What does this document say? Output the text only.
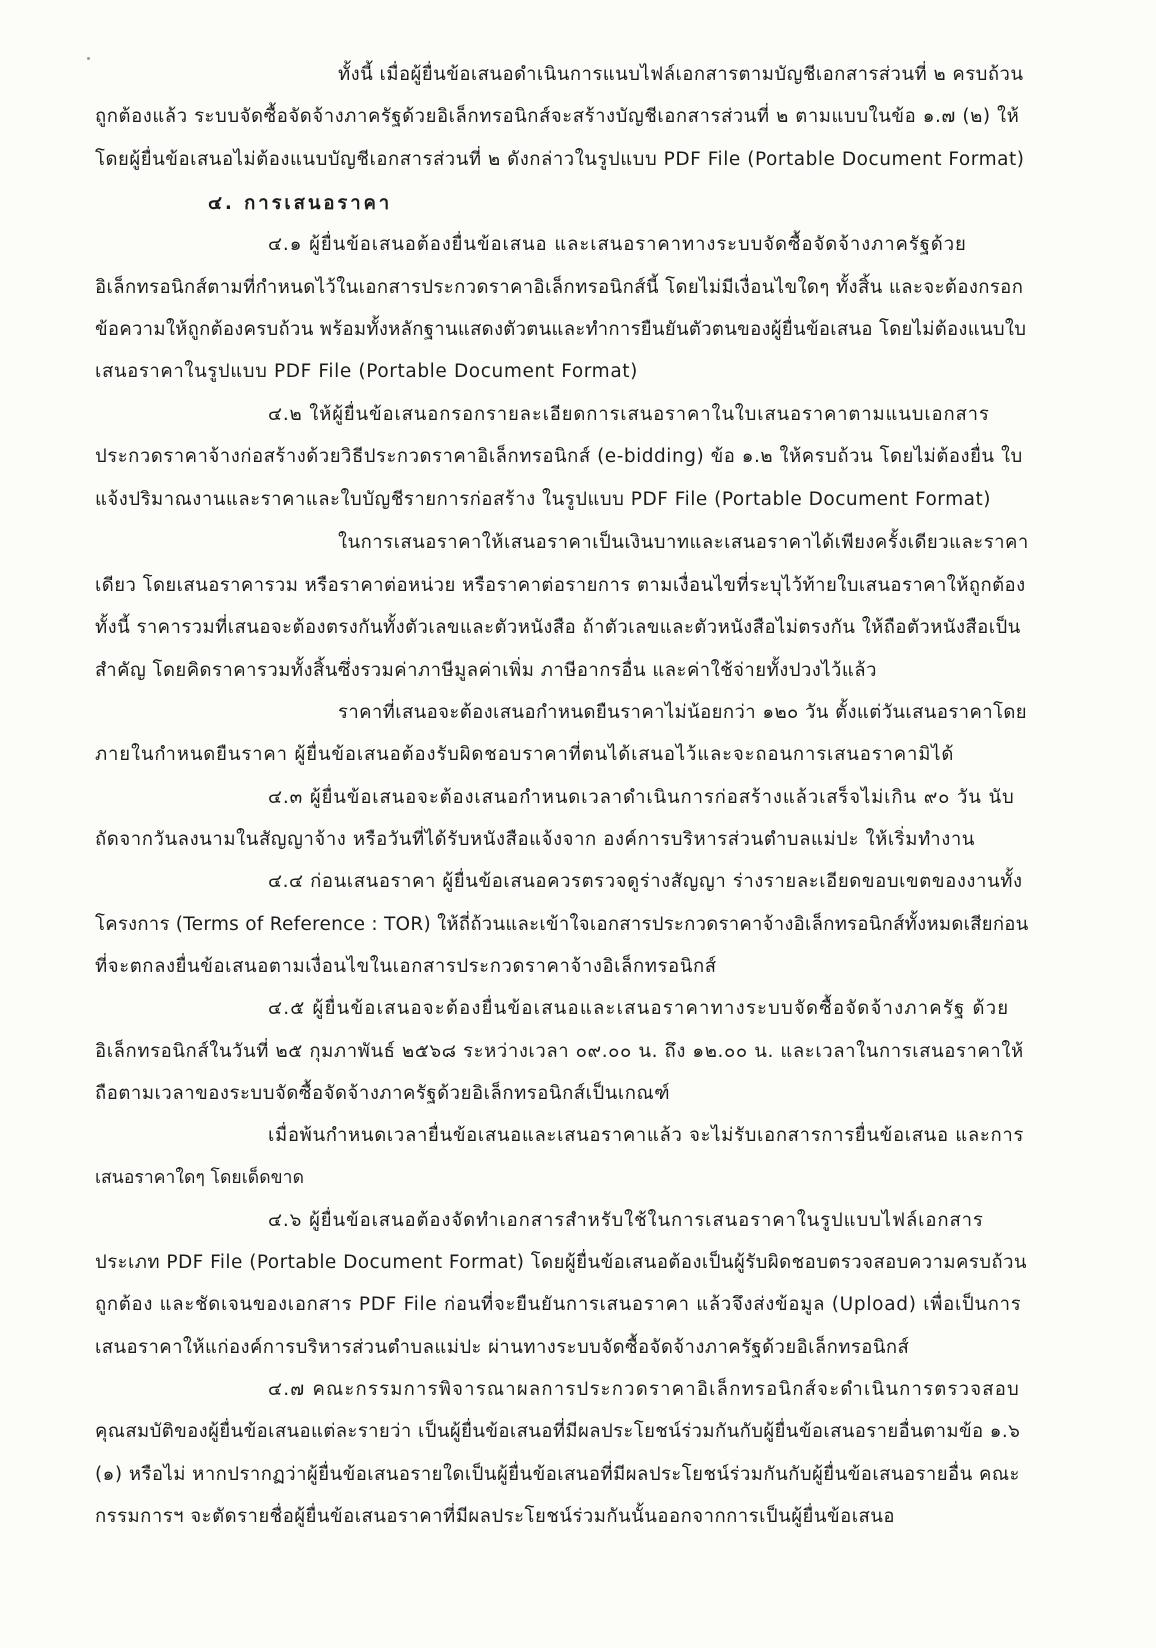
ทั้งนี้ เมื่อผู้ยื่นข้อเสนอดำเนินการแนบไฟล์เอกสารตามบัญชีเอกสารส่วนที่ ๒ ครบถ้วน
ถูกต้องแล้ว ระบบจัดซื้อจัดจ้างภาครัฐด้วยอิเล็กทรอนิกส์จะสร้างบัญชีเอกสารส่วนที่ ๒ ตามแบบในข้อ ๑.๗ (๒) ให้
โดยผู้ยื่นข้อเสนอไม่ต้องแนบบัญชีเอกสารส่วนที่ ๒ ดังกล่าวในรูปแบบ PDF File (Portable Document Format)
๔. การเสนอราคา
๔.๑ ผู้ยื่นข้อเสนอต้องยื่นข้อเสนอ และเสนอราคาทางระบบจัดซื้อจัดจ้างภาครัฐด้วย
อิเล็กทรอนิกส์ตามที่กำหนดไว้ในเอกสารประกวดราคาอิเล็กทรอนิกส์นี้ โดยไม่มีเงื่อนไขใดๆ ทั้งสิ้น และจะต้องกรอก
ข้อความให้ถูกต้องครบถ้วน พร้อมทั้งหลักฐานแสดงตัวตนและทำการยืนยันตัวตนของผู้ยื่นข้อเสนอ โดยไม่ต้องแนบใบ
เสนอราคาในรูปแบบ PDF File (Portable Document Format)
๔.๒ ให้ผู้ยื่นข้อเสนอกรอกรายละเอียดการเสนอราคาในใบเสนอราคาตามแนบเอกสาร
ประกวดราคาจ้างก่อสร้างด้วยวิธีประกวดราคาอิเล็กทรอนิกส์ (e-bidding) ข้อ ๑.๒ ให้ครบถ้วน โดยไม่ต้องยื่น ใบ
แจ้งปริมาณงานและราคาและใบบัญชีรายการก่อสร้าง ในรูปแบบ PDF File (Portable Document Format)
ในการเสนอราคาให้เสนอราคาเป็นเงินบาทและเสนอราคาได้เพียงครั้งเดียวและราคา
เดียว โดยเสนอราคารวม หรือราคาต่อหน่วย หรือราคาต่อรายการ ตามเงื่อนไขที่ระบุไว้ท้ายใบเสนอราคาให้ถูกต้อง
ทั้งนี้ ราคารวมที่เสนอจะต้องตรงกันทั้งตัวเลขและตัวหนังสือ ถ้าตัวเลขและตัวหนังสือไม่ตรงกัน ให้ถือตัวหนังสือเป็น
สำคัญ โดยคิดราคารวมทั้งสิ้นซึ่งรวมค่าภาษีมูลค่าเพิ่ม ภาษีอากรอื่น และค่าใช้จ่ายทั้งปวงไว้แล้ว
ราคาที่เสนอจะต้องเสนอกำหนดยืนราคาไม่น้อยกว่า ๑๒๐ วัน ตั้งแต่วันเสนอราคาโดย
ภายในกำหนดยืนราคา ผู้ยื่นข้อเสนอต้องรับผิดชอบราคาที่ตนได้เสนอไว้และจะถอนการเสนอราคามิได้
๔.๓ ผู้ยื่นข้อเสนอจะต้องเสนอกำหนดเวลาดำเนินการก่อสร้างแล้วเสร็จไม่เกิน ๙๐ วัน นับ
ถัดจากวันลงนามในสัญญาจ้าง หรือวันที่ได้รับหนังสือแจ้งจาก องค์การบริหารส่วนตำบลแม่ปะ ให้เริ่มทำงาน
๔.๔ ก่อนเสนอราคา ผู้ยื่นข้อเสนอควรตรวจดูร่างสัญญา ร่างรายละเอียดขอบเขตของงานทั้ง
โครงการ (Terms of Reference : TOR) ให้ถี่ถ้วนและเข้าใจเอกสารประกวดราคาจ้างอิเล็กทรอนิกส์ทั้งหมดเสียก่อน
ที่จะตกลงยื่นข้อเสนอตามเงื่อนไขในเอกสารประกวดราคาจ้างอิเล็กทรอนิกส์
๔.๕ ผู้ยื่นข้อเสนอจะต้องยื่นข้อเสนอและเสนอราคาทางระบบจัดซื้อจัดจ้างภาครัฐ ด้วย
อิเล็กทรอนิกส์ในวันที่ ๒๕ กุมภาพันธ์ ๒๕๖๘ ระหว่างเวลา ๐๙.๐๐ น. ถึง ๑๒.๐๐ น. และเวลาในการเสนอราคาให้
ถือตามเวลาของระบบจัดซื้อจัดจ้างภาครัฐด้วยอิเล็กทรอนิกส์เป็นเกณฑ์
เมื่อพ้นกำหนดเวลายื่นข้อเสนอและเสนอราคาแล้ว จะไม่รับเอกสารการยื่นข้อเสนอ และการ
เสนอราคาใดๆ โดยเด็ดขาด
๔.๖ ผู้ยื่นข้อเสนอต้องจัดทำเอกสารสำหรับใช้ในการเสนอราคาในรูปแบบไฟล์เอกสาร
ประเภท PDF File (Portable Document Format) โดยผู้ยื่นข้อเสนอต้องเป็นผู้รับผิดชอบตรวจสอบความครบถ้วน
ถูกต้อง และชัดเจนของเอกสาร PDF File ก่อนที่จะยืนยันการเสนอราคา แล้วจึงส่งข้อมูล (Upload) เพื่อเป็นการ
เสนอราคาให้แก่องค์การบริหารส่วนตำบลแม่ปะ ผ่านทางระบบจัดซื้อจัดจ้างภาครัฐด้วยอิเล็กทรอนิกส์
๔.๗ คณะกรรมการพิจารณาผลการประกวดราคาอิเล็กทรอนิกส์จะดำเนินการตรวจสอบ
คุณสมบัติของผู้ยื่นข้อเสนอแต่ละรายว่า เป็นผู้ยื่นข้อเสนอที่มีผลประโยชน์ร่วมกันกับผู้ยื่นข้อเสนอรายอื่นตามข้อ ๑.๖
(๑) หรือไม่ หากปรากฏว่าผู้ยื่นข้อเสนอรายใดเป็นผู้ยื่นข้อเสนอที่มีผลประโยชน์ร่วมกันกับผู้ยื่นข้อเสนอรายอื่น คณะ
กรรมการฯ จะตัดรายชื่อผู้ยื่นข้อเสนอราคาที่มีผลประโยชน์ร่วมกันนั้นออกจากการเป็นผู้ยื่นข้อเสนอ
